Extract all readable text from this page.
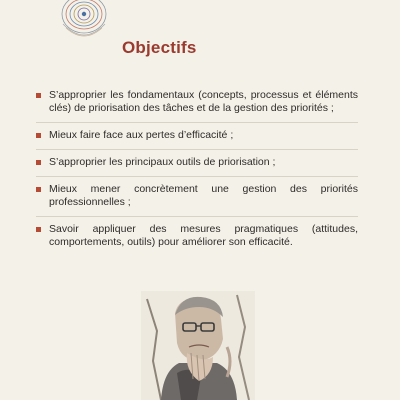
Objectifs
S’approprier les fondamentaux (concepts, processus et éléments clés) de priorisation des tâches et de la gestion des priorités ;
Mieux faire face aux pertes d’efficacité ;
S’approprier les principaux outils de priorisation ;
Mieux mener concrètement une gestion des priorités professionnelles ;
Savoir appliquer des mesures pragmatiques (attitudes, comportements, outils) pour améliorer son efficacité.
